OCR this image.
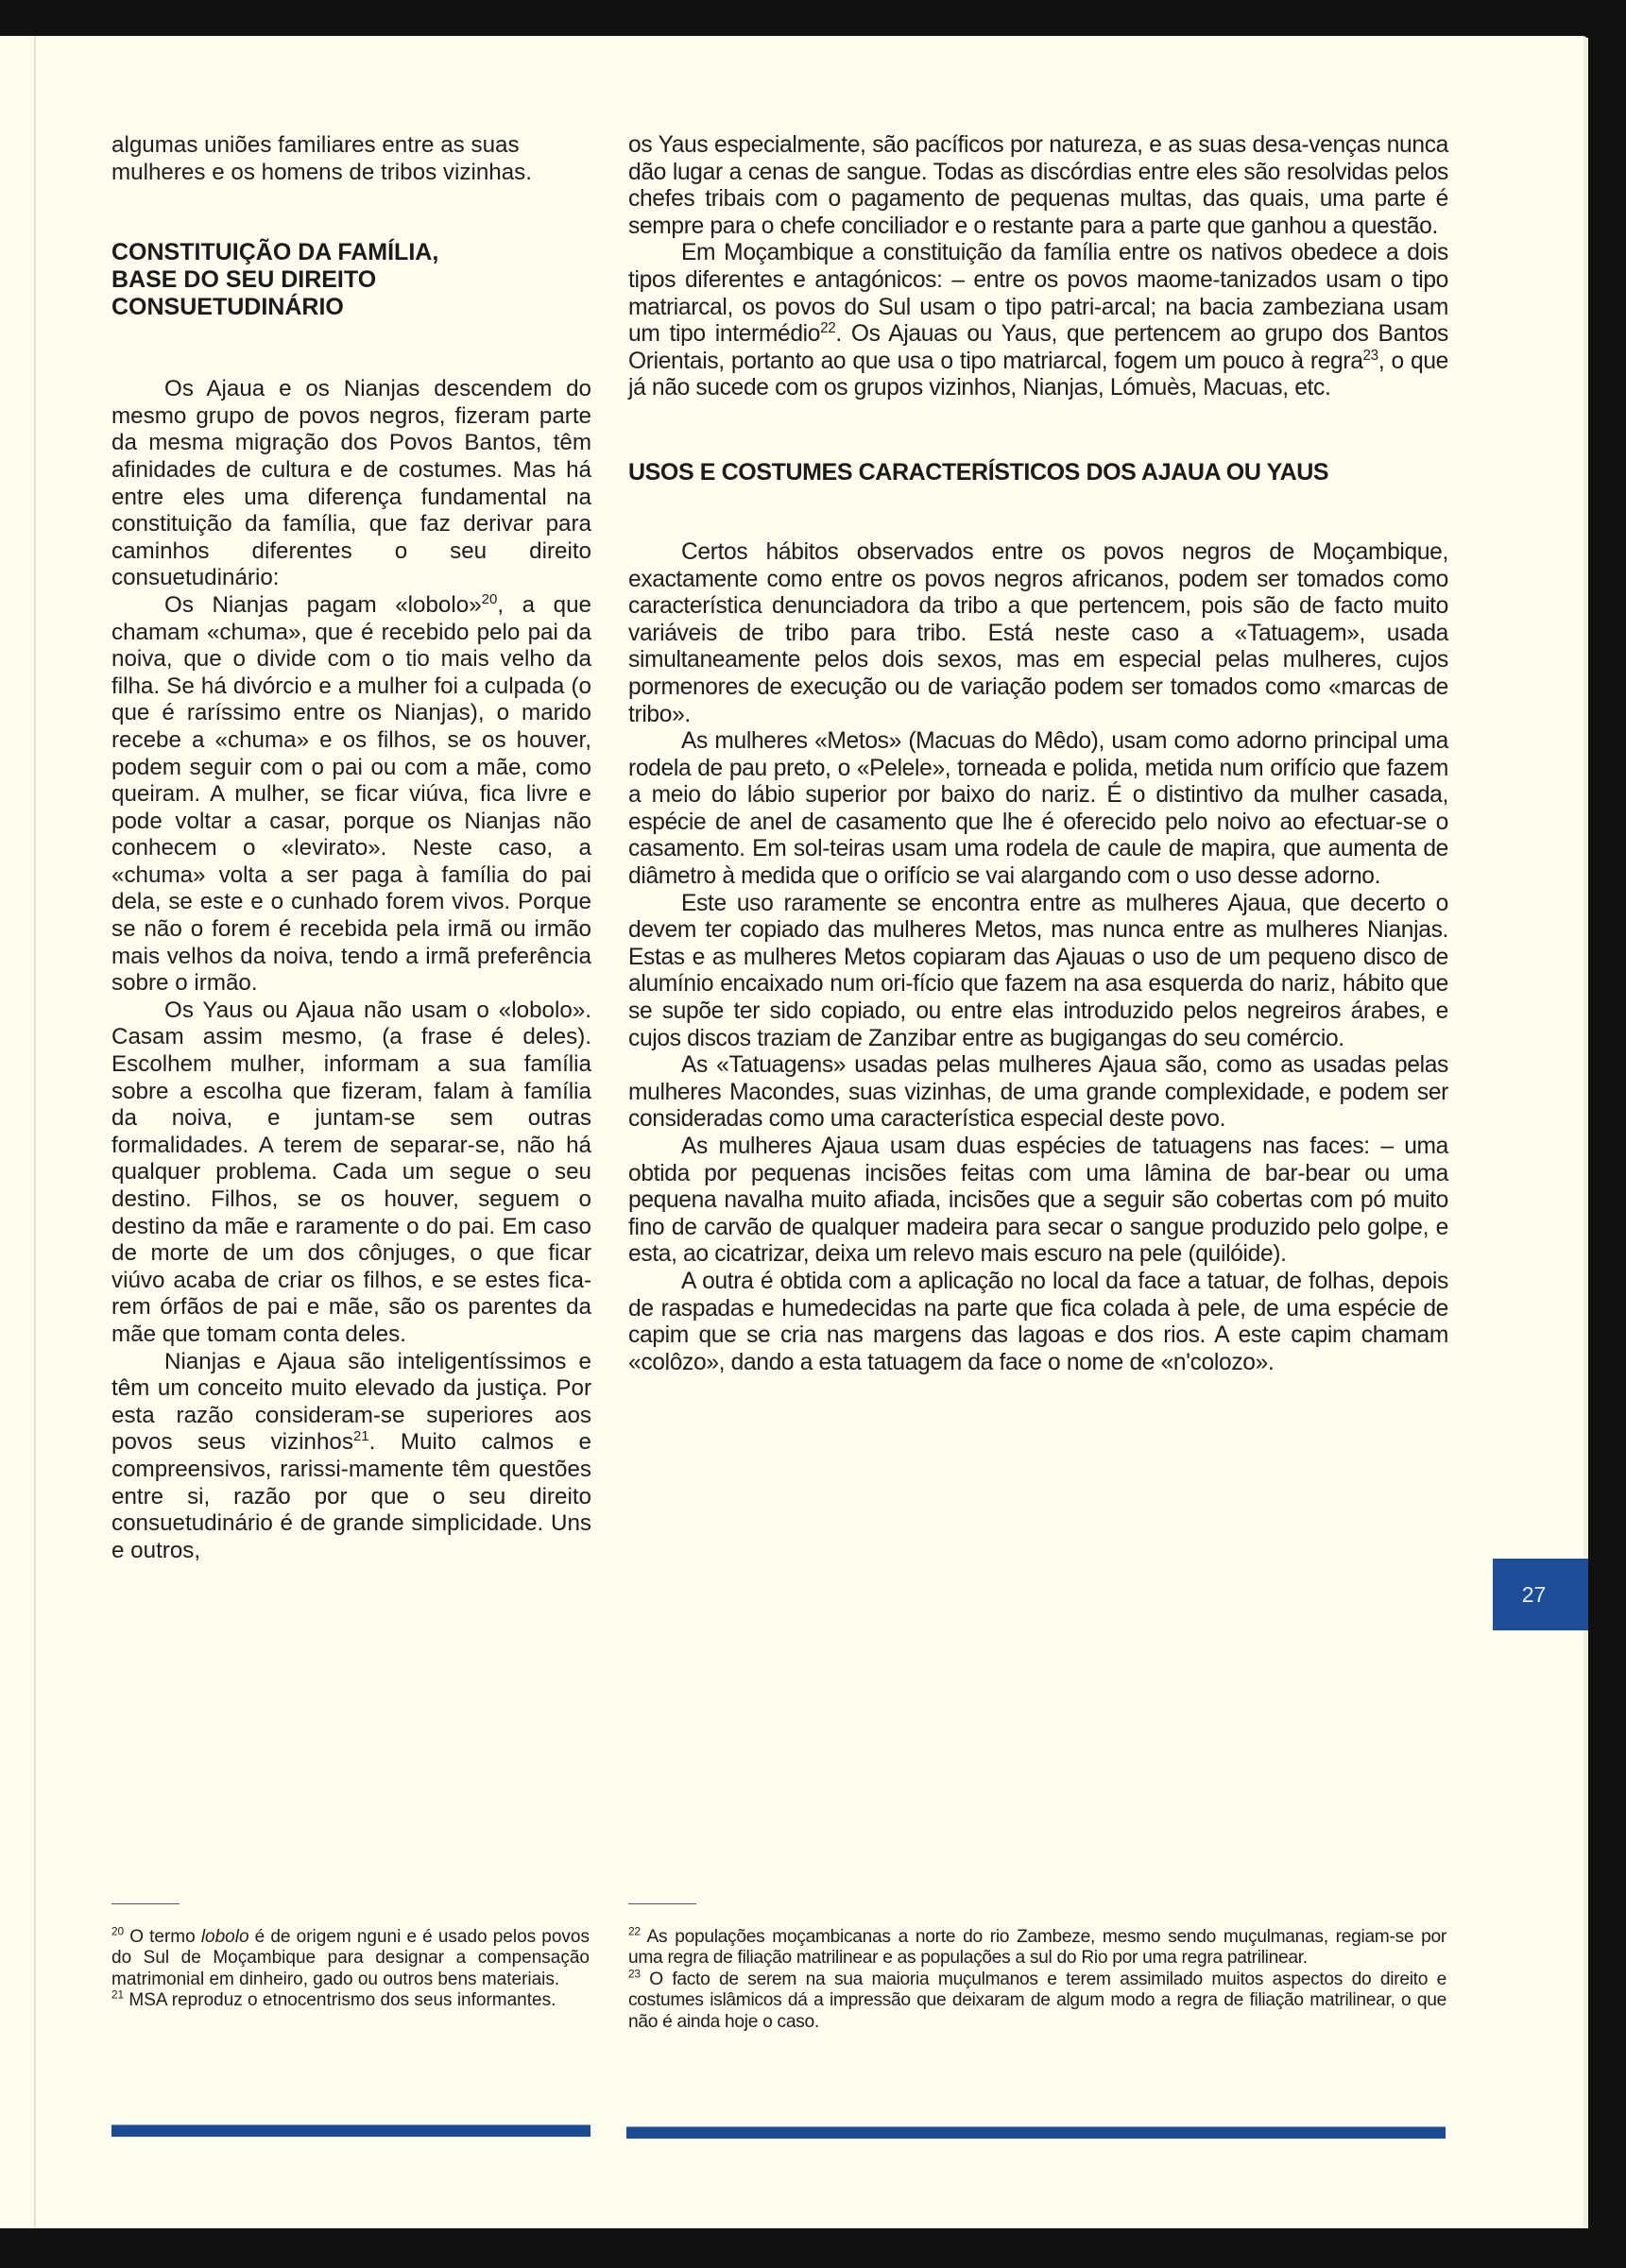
algumas uniões familiares entre as suas mulheres e os homens de tribos vizinhas.

CONSTITUIÇÃO DA FAMÍLIA,
BASE DO SEU DIREITO
CONSUETUDINÁRIO

Os Ajaua e os Nianjas descendem do mesmo grupo de povos negros, fizeram parte da mesma migração dos Povos Bantos, têm afinidades de cultura e de costumes. Mas há entre eles uma diferença fundamental na constituição da família, que faz derivar para caminhos diferentes o seu direito consuetudinário:

Os Nianjas pagam «lobolo»$^{20}$, a que chamam «chuma», que é recebido pelo pai da noiva, que o divide com o tio mais velho da filha. Se há divórcio e a mulher foi a culpada (o que é raríssimo entre os Nianjas), o marido recebe a «chuma» e os filhos, se os houver, podem seguir com o pai ou com a mãe, como queiram. A mulher, se ficar viúva, fica livre e pode voltar a casar, porque os Nianjas não conhecem o «levirato». Neste caso, a «chuma» volta a ser paga à família do pai dela, se este e o cunhado forem vivos. Porque se não o forem é recebida pela irmã ou irmão mais velhos da noiva, tendo a irmã preferência sobre o irmão.

Os Yaus ou Ajaua não usam o «lobolo». Casam assim mesmo, (a frase é deles). Escolhem mulher, informam a sua família sobre a escolha que fizeram, falam à família da noiva, e juntam-se sem outras formalidades. A terem de separar-se, não há qualquer problema. Cada um segue o seu destino. Filhos, se os houver, seguem o destino da mãe e raramente o do pai. Em caso de morte de um dos cônjuges, o que ficar viúvo acaba de criar os filhos, e se estes fica-rem órfãos de pai e mãe, são os parentes da mãe que tomam conta deles.

Nianjas e Ajaua são inteligentíssimos e têm um conceito muito elevado da justiça. Por esta razão consideram-se superiores aos povos seus vizinhos$^{21}$. Muito calmos e compreensivos, rarissi-mamente têm questões entre si, razão por que o seu direito consuetudinário é de grande simplicidade. Uns e outros,

os Yaus especialmente, são pacíficos por natureza, e as suas desa-venças nunca dão lugar a cenas de sangue. Todas as discórdias entre eles são resolvidas pelos chefes tribais com o pagamento de pequenas multas, das quais, uma parte é sempre para o chefe conciliador e o restante para a parte que ganhou a questão.

Em Moçambique a constituição da família entre os nativos obedece a dois tipos diferentes e antagónicos: – entre os povos maome-tanizados usam o tipo matriarcal, os povos do Sul usam o tipo patri-arcal; na bacia zambeziana usam um tipo intermédio$^{22}$. Os Ajauas ou Yaus, que pertencem ao grupo dos Bantos Orientais, portanto ao que usa o tipo matriarcal, fogem um pouco à regra$^{23}$, o que já não sucede com os grupos vizinhos, Nianjas, Lómuès, Macuas, etc.

USOS E COSTUMES CARACTERÍSTICOS DOS AJAUA OU YAUS

Certos hábitos observados entre os povos negros de Moçambique, exactamente como entre os povos negros africanos, podem ser tomados como característica denunciadora da tribo a que pertencem, pois são de facto muito variáveis de tribo para tribo. Está neste caso a «Tatuagem», usada simultaneamente pelos dois sexos, mas em especial pelas mulheres, cujos pormenores de execução ou de variação podem ser tomados como «marcas de tribo».

As mulheres «Metos» (Macuas do Mêdo), usam como adorno principal uma rodela de pau preto, o «Pelele», torneada e polida, metida num orifício que fazem a meio do lábio superior por baixo do nariz. É o distintivo da mulher casada, espécie de anel de casamento que lhe é oferecido pelo noivo ao efectuar-se o casamento. Em sol-teiras usam uma rodela de caule de mapira, que aumenta de diâmetro à medida que o orifício se vai alargando com o uso desse adorno.

Este uso raramente se encontra entre as mulheres Ajaua, que decerto o devem ter copiado das mulheres Metos, mas nunca entre as mulheres Nianjas. Estas e as mulheres Metos copiaram das Ajauas o uso de um pequeno disco de alumínio encaixado num ori-fício que fazem na asa esquerda do nariz, hábito que se supõe ter sido copiado, ou entre elas introduzido pelos negreiros árabes, e cujos discos traziam de Zanzibar entre as bugigangas do seu comércio.

As «Tatuagens» usadas pelas mulheres Ajaua são, como as usadas pelas mulheres Macondes, suas vizinhas, de uma grande complexidade, e podem ser consideradas como uma característica especial deste povo.

As mulheres Ajaua usam duas espécies de tatuagens nas faces: – uma obtida por pequenas incisões feitas com uma lâmina de bar-bear ou uma pequena navalha muito afiada, incisões que a seguir são cobertas com pó muito fino de carvão de qualquer madeira para secar o sangue produzido pelo golpe, e esta, ao cicatrizar, deixa um relevo mais escuro na pele (quilóide).

A outra é obtida com a aplicação no local da face a tatuar, de folhas, depois de raspadas e humedecidas na parte que fica colada à pele, de uma espécie de capim que se cria nas margens das lagoas e dos rios. A este capim chamam «colôzo», dando a esta tatuagem da face o nome de «n'colozo».

$^{20}$ O termo lobolo é de origem nguni e é usado pelos povos do Sul de Moçambique para designar a compensação matrimonial em dinheiro, gado ou outros bens materiais.

$^{21}$ MSA reproduz o etnocentrismo dos seus informantes.

$^{22}$ As populações moçambicanas a norte do rio Zambeze, mesmo sendo muçulmanas, regiam-se por uma regra de filiação matrilinear e as populações a sul do Rio por uma regra patrilinear.

$^{23}$ O facto de serem na sua maioria muçulmanos e terem assimilado muitos aspectos do direito e costumes islâmicos dá a impressão que deixaram de algum modo a regra de filiação matrilinear, o que não é ainda hoje o caso.

27
